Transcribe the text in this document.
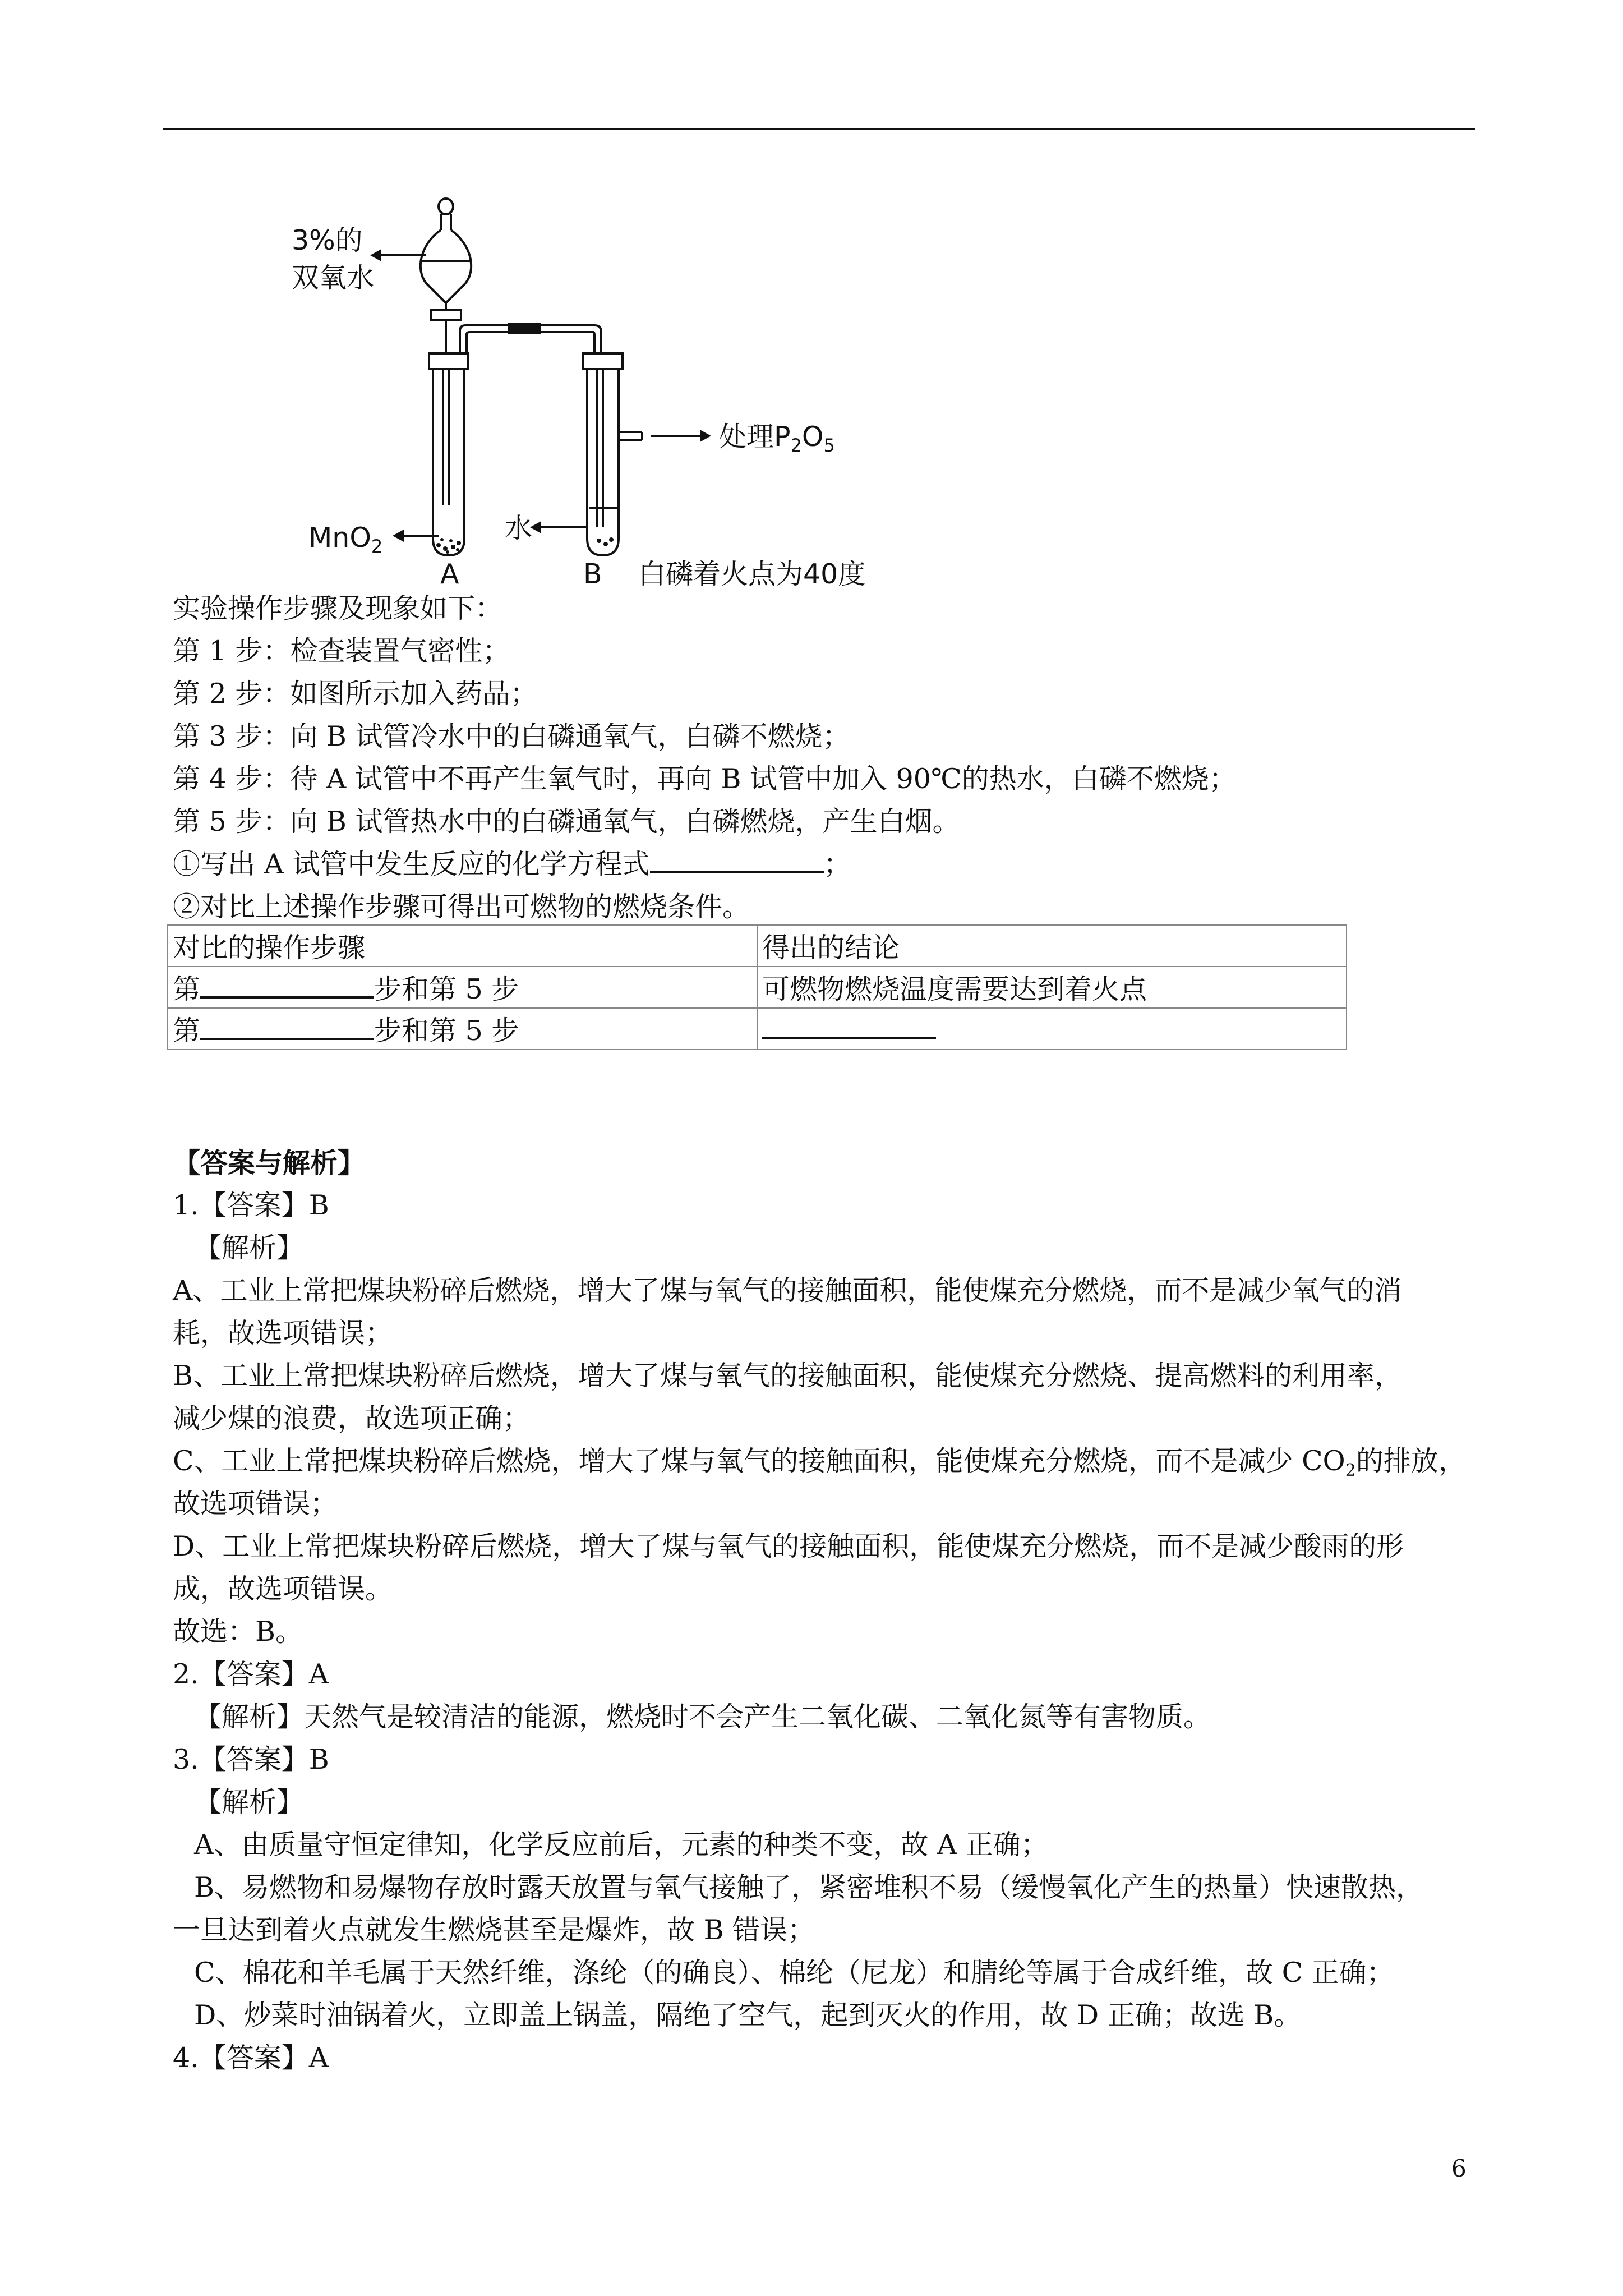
3%的
双氧水
处理$P_2O_5$
MnO$_2$
水
A	B 白磷着火点为40度
实验操作步骤及现象如下：
第 1 步：检查装置气密性；
第 2 步：如图所示加入药品；
第 3 步：向 B 试管冷水中的白磷通氧气，白磷不燃烧；
第 4 步：待 A 试管中不再产生氧气时，再向 B 试管中加入 90℃的热水，白磷不燃烧；
第 5 步：向 B 试管热水中的白磷通氧气，白磷燃烧，产生白烟。
①写出 A 试管中发生反应的化学方程式	；
②对比上述操作步骤可得出可燃物的燃烧条件。
对比的操作步骤	得出的结论
第 步和第 5 步	可燃物燃烧温度需要达到着火点
第 步和第 5 步	
【答案与解析】
1.【答案】B
【解析】
A、工业上常把煤块粉碎后燃烧，增大了煤与氧气的接触面积，能使煤充分燃烧，而不是减少氧气的消
耗，故选项错误；
B、工业上常把煤块粉碎后燃烧，增大了煤与氧气的接触面积，能使煤充分燃烧、提高燃料的利用率，
减少煤的浪费，故选项正确；
C、工业上常把煤块粉碎后燃烧，增大了煤与氧气的接触面积，能使煤充分燃烧，而不是减少 $CO_2$的排放，
故选项错误；
D、工业上常把煤块粉碎后燃烧，增大了煤与氧气的接触面积，能使煤充分燃烧，而不是减少酸雨的形
成，故选项错误。
故选：B。
2.【答案】A
【解析】天然气是较清洁的能源，燃烧时不会产生二氧化碳、二氧化氮等有害物质。
3.【答案】B
【解析】
A、由质量守恒定律知，化学反应前后，元素的种类不变，故 A 正确；
B、易燃物和易爆物存放时露天放置与氧气接触了，紧密堆积不易（缓慢氧化产生的热量）快速散热，
一旦达到着火点就发生燃烧甚至是爆炸，故 B 错误；
C、棉花和羊毛属于天然纤维，涤纶（的确良）、棉纶（尼龙）和腈纶等属于合成纤维，故 C 正确；
D、炒菜时油锅着火，立即盖上锅盖，隔绝了空气，起到灭火的作用，故 D 正确；故选 B。
4.【答案】A
6
